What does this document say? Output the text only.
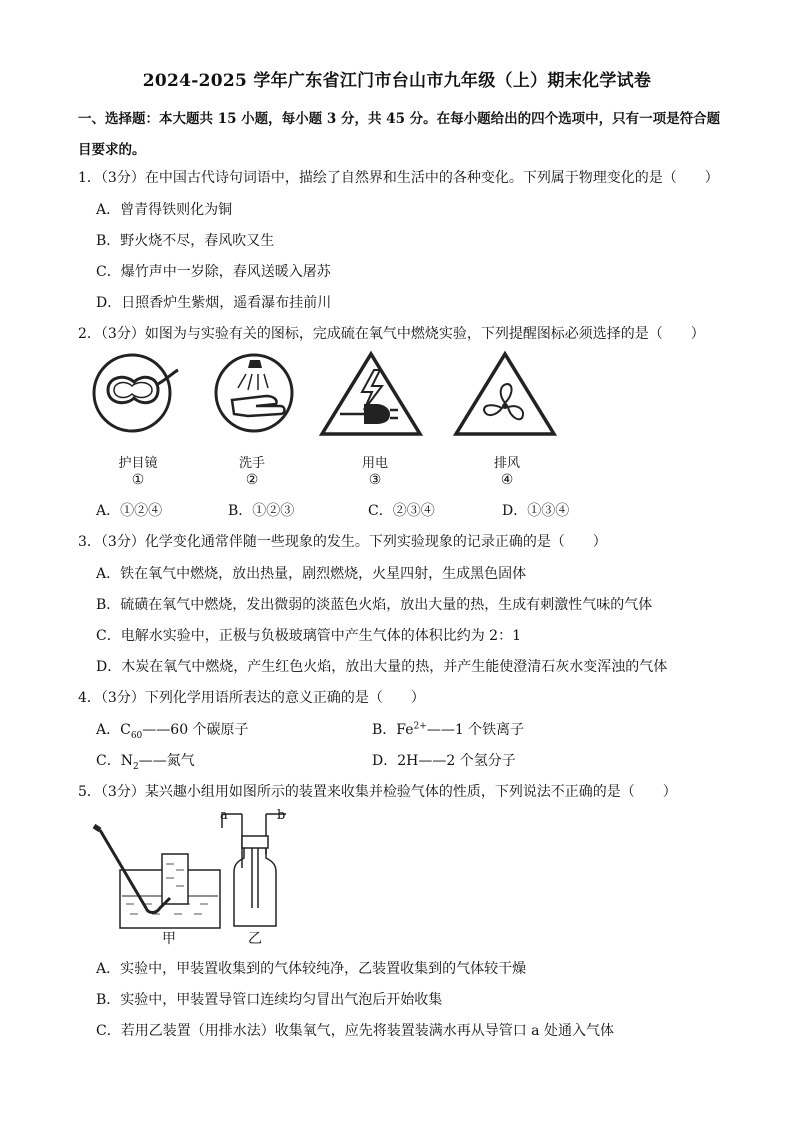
2024-2025 学年广东省江门市台山市九年级（上）期末化学试卷
一、选择题：本大题共 15 小题，每小题 3 分，共 45 分。在每小题给出的四个选项中，只有一项是符合题目要求的。
1．（3分）在中国古代诗句词语中，描绘了自然界和生活中的各种变化。下列属于物理变化的是（　　）
A．曾青得铁则化为铜
B．野火烧不尽，春风吹又生
C．爆竹声中一岁除，春风送暖入屠苏
D．日照香炉生紫烟，遥看瀑布挂前川
2．（3分）如图为与实验有关的图标，完成硫在氧气中燃烧实验，下列提醒图标必须选择的是（　　）
护目镜
①
洗手
②
用电
③
排风
④
A．①②④	B．①②③	C．②③④	D．①③④
3．（3分）化学变化通常伴随一些现象的发生。下列实验现象的记录正确的是（　　）
A．铁在氧气中燃烧，放出热量，剧烈燃烧，火星四射，生成黑色固体
B．硫磺在氧气中燃烧，发出微弱的淡蓝色火焰，放出大量的热，生成有刺激性气味的气体
C．电解水实验中，正极与负极玻璃管中产生气体的体积比约为 2：1
D．木炭在氧气中燃烧，产生红色火焰，放出大量的热，并产生能使澄清石灰水变浑浊的气体
4．（3分）下列化学用语所表达的意义正确的是（　　）
A．$C_{60}——60$ 个碳原子	B．$Fe^{2+}——1$ 个铁离子
C．$N_2——$氮气	D．2H——2 个氢分子
5．（3分）某兴趣小组用如图所示的装置来收集并检验气体的性质，下列说法不正确的是（　　）
a	b
甲	乙
A．实验中，甲装置收集到的气体较纯净，乙装置收集到的气体较干燥
B．实验中，甲装置导管口连续均匀冒出气泡后开始收集
C．若用乙装置（用排水法）收集氧气，应先将装置装满水再从导管口 a 处通入气体
